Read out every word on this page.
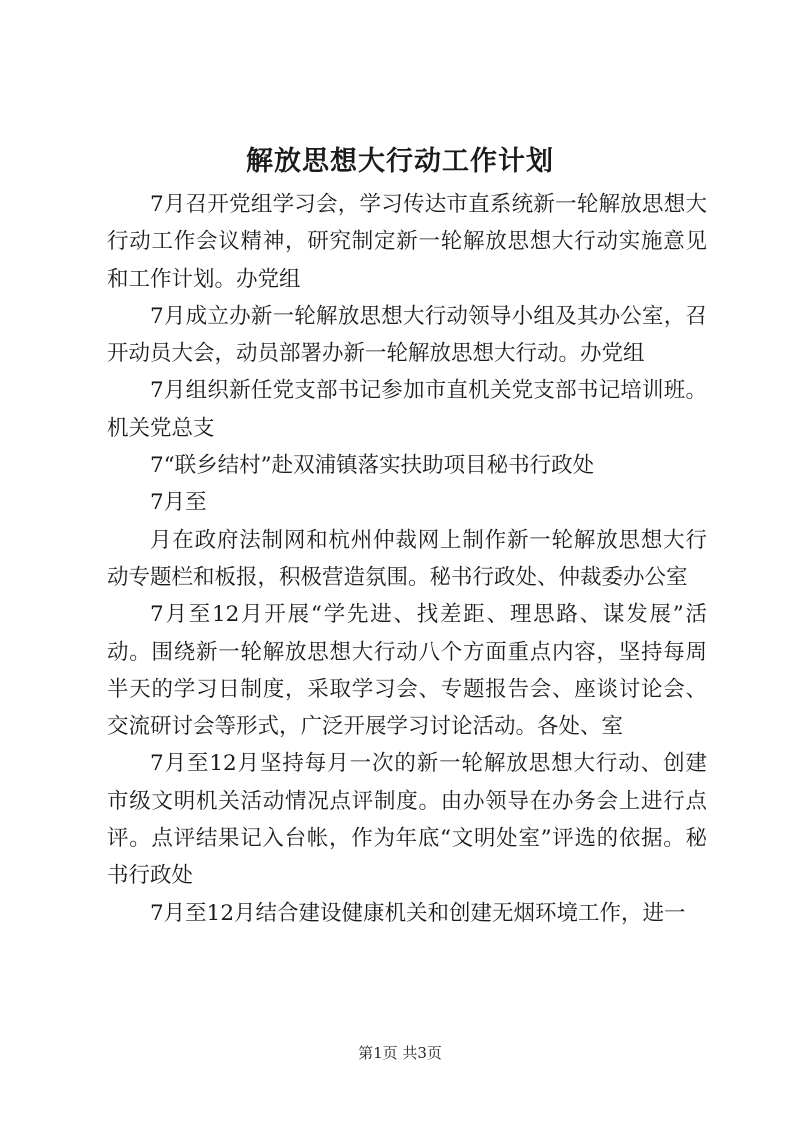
解放思想大行动工作计划

7月召开党组学习会，学习传达市直系统新一轮解放思想大行动工作会议精神，研究制定新一轮解放思想大行动实施意见和工作计划。办党组

7月成立办新一轮解放思想大行动领导小组及其办公室，召开动员大会，动员部署办新一轮解放思想大行动。办党组

7月组织新任党支部书记参加市直机关党支部书记培训班。机关党总支

7“联乡结村”赴双浦镇落实扶助项目秘书行政处

7月至

月在政府法制网和杭州仲裁网上制作新一轮解放思想大行动专题栏和板报，积极营造氛围。秘书行政处、仲裁委办公室

7月至12月开展“学先进、找差距、理思路、谋发展”活动。围绕新一轮解放思想大行动八个方面重点内容，坚持每周半天的学习日制度，采取学习会、专题报告会、座谈讨论会、交流研讨会等形式，广泛开展学习讨论活动。各处、室

7月至12月坚持每月一次的新一轮解放思想大行动、创建市级文明机关活动情况点评制度。由办领导在办务会上进行点评。点评结果记入台帐，作为年底“文明处室”评选的依据。秘书行政处

7月至12月结合建设健康机关和创建无烟环境工作，进一

第1页 共3页
